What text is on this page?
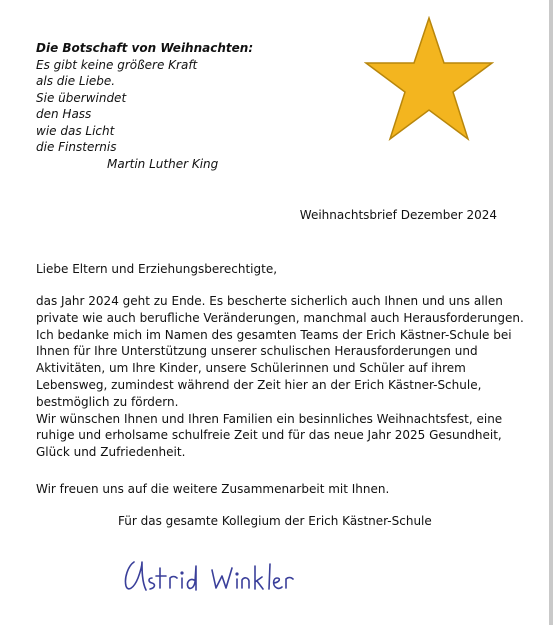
Die Botschaft von Weihnachten:
Es gibt keine größere Kraft
als die Liebe.
Sie überwindet
den Hass
wie das Licht
die Finsternis
Martin Luther King
Weihnachtsbrief Dezember 2024
Liebe Eltern und Erziehungsberechtigte,
das Jahr 2024 geht zu Ende. Es bescherte sicherlich auch Ihnen und uns allen
private wie auch berufliche Veränderungen, manchmal auch Herausforderungen.
Ich bedanke mich im Namen des gesamten Teams der Erich Kästner-Schule bei
Ihnen für Ihre Unterstützung unserer schulischen Herausforderungen und
Aktivitäten, um Ihre Kinder, unsere Schülerinnen und Schüler auf ihrem
Lebensweg, zumindest während der Zeit hier an der Erich Kästner-Schule,
bestmöglich zu fördern.
Wir wünschen Ihnen und Ihren Familien ein besinnliches Weihnachtsfest, eine
ruhige und erholsame schulfreie Zeit und für das neue Jahr 2025 Gesundheit,
Glück und Zufriedenheit.
Wir freuen uns auf die weitere Zusammenarbeit mit Ihnen.
Für das gesamte Kollegium der Erich Kästner-Schule
